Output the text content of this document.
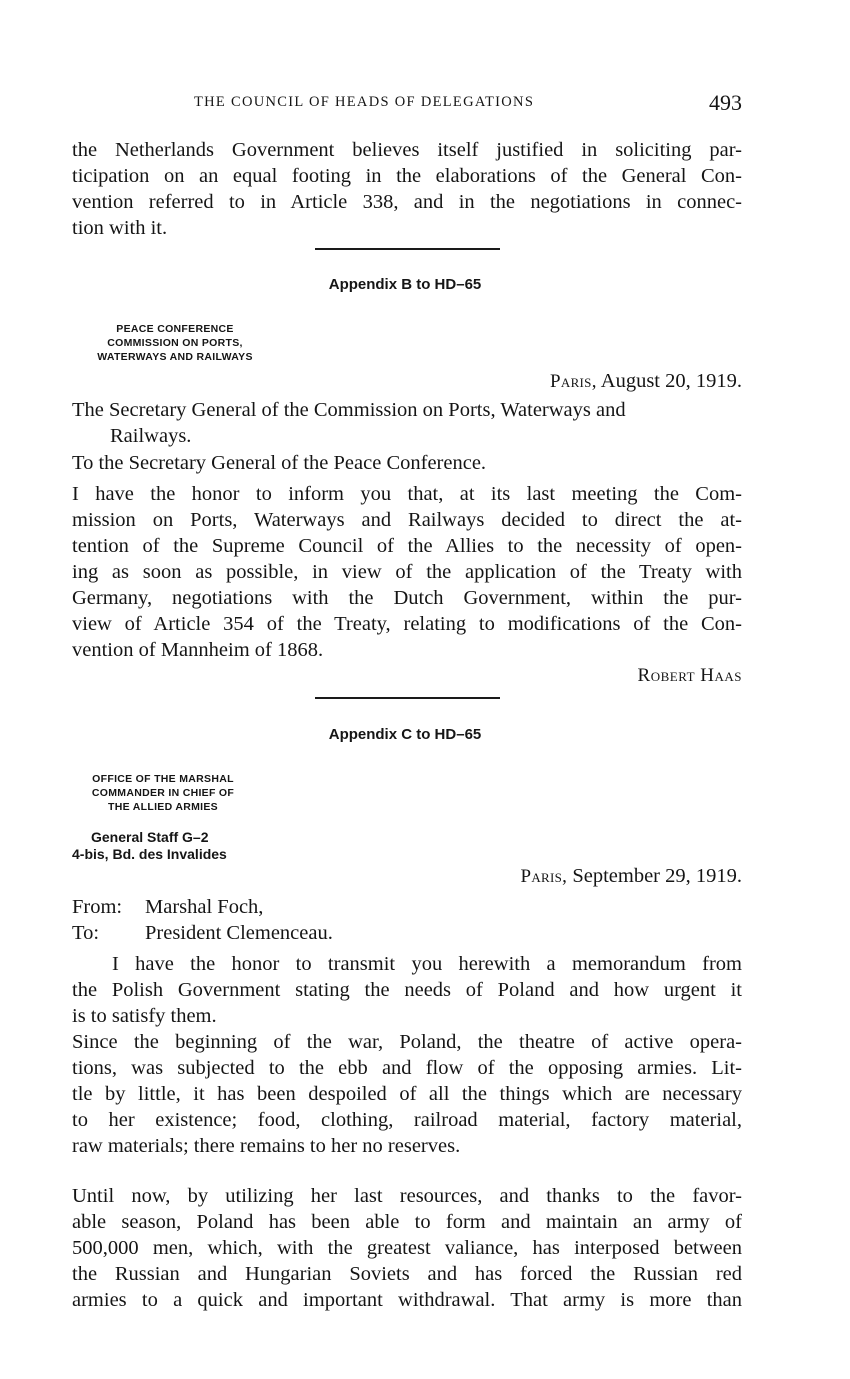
THE COUNCIL OF HEADS OF DELEGATIONS	493
the Netherlands Government believes itself justified in soliciting par-
ticipation on an equal footing in the elaborations of the General Con-
vention referred to in Article 338, and in the negotiations in connec-
tion with it.
Appendix B to HD–65
PEACE CONFERENCE
COMMISSION ON PORTS,
WATERWAYS AND RAILWAYS
Paris, August 20, 1919.
The Secretary General of the Commission on Ports, Waterways and
Railways.
To the Secretary General of the Peace Conference.
I have the honor to inform you that, at its last meeting the Com-
mission on Ports, Waterways and Railways decided to direct the at-
tention of the Supreme Council of the Allies to the necessity of open-
ing as soon as possible, in view of the application of the Treaty with
Germany, negotiations with the Dutch Government, within the pur-
view of Article 354 of the Treaty, relating to modifications of the Con-
vention of Mannheim of 1868.
Robert Haas
Appendix C to HD–65
OFFICE OF THE MARSHAL
COMMANDER IN CHIEF OF
THE ALLIED ARMIES
General Staff G–2
4-bis, Bd. des Invalides
Paris, September 29, 1919.
From: Marshal Foch,
To: President Clemenceau.
I have the honor to transmit you herewith a memorandum from
the Polish Government stating the needs of Poland and how urgent it
is to satisfy them.
Since the beginning of the war, Poland, the theatre of active opera-
tions, was subjected to the ebb and flow of the opposing armies. Lit-
tle by little, it has been despoiled of all the things which are necessary
to her existence; food, clothing, railroad material, factory material,
raw materials; there remains to her no reserves.
Until now, by utilizing her last resources, and thanks to the favor-
able season, Poland has been able to form and maintain an army of
500,000 men, which, with the greatest valiance, has interposed between
the Russian and Hungarian Soviets and has forced the Russian red
armies to a quick and important withdrawal. That army is more than
